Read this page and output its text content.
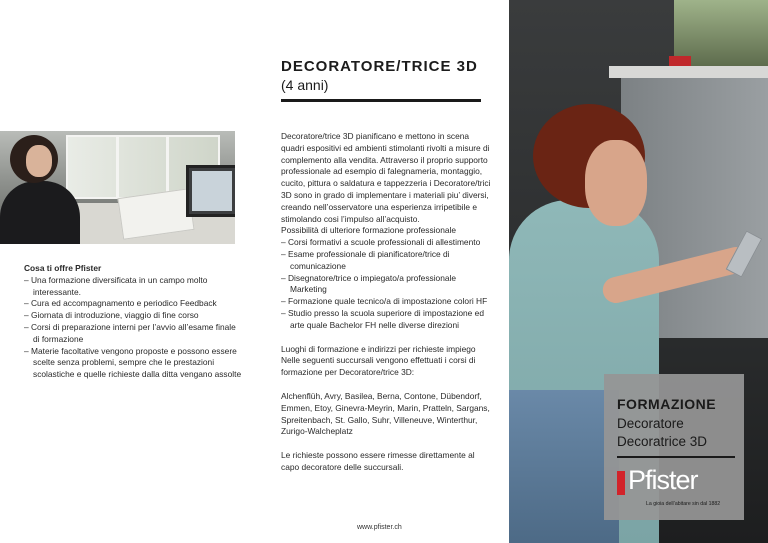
Cosa ti offre Pfister
– Una formazione diversificata in un campo molto interessante.
– Cura ed accompagnamento e periodico Feedback
– Giornata di introduzione, viaggio di fine corso
– Corsi di preparazione interni per l’avvio all’esame finale di formazione
– Materie facoltative vengono proposte e possono essere scelte senza problemi, sempre che le prestazioni scolastiche e quelle richieste dalla ditta vengano assolte
DECORATORE/TRICE 3D
(4 anni)

Decoratore/trice 3D pianificano e mettono in scena quadri espositivi ed ambienti stimolanti rivolti a misure di complemento alla vendita. Attraverso il proprio supporto professionale ad esempio di falegnameria, montaggio, cucito, pittura o saldatura e tappezzeria i Decoratore/trici 3D sono in grado di implementare i materiali piu’ diversi, creando nell’osservatore una esperienza irripetibile e stimolando cosi l’impulso all’acquisto.

Possibilità di ulteriore formazione professionale

– Corsi formativi a scuole professionali di allestimento

– Esame professionale di pianificatore/trice di comunicazione

– Disegnatore/trice o impiegato/a professionale Marketing

– Formazione quale tecnico/a di impostazione colori HF

– Studio presso la scuola superiore di impostazione ed arte quale Bachelor FH nelle diverse direzioni

Luoghi di formazione e indirizzi per richieste impiego

Nelle seguenti succursali vengono effettuati i corsi di formazione per Decoratore/trice 3D:

Alchenflüh, Avry, Basilea, Berna, Contone, Dübendorf, Emmen, Etoy, Ginevra-Meyrin, Marin, Pratteln, Sargans, Spreitenbach, St. Gallo, Suhr, Villeneuve, Winterthur, Zurigo-Walcheplatz

Le richieste possono essere rimesse direttamente al capo decoratore delle succursali.

www.pfister.ch
FORMAZIONE
Decoratore
Decoratrice 3D
Pfister
La gioia dell’abitare sin dal 1882
